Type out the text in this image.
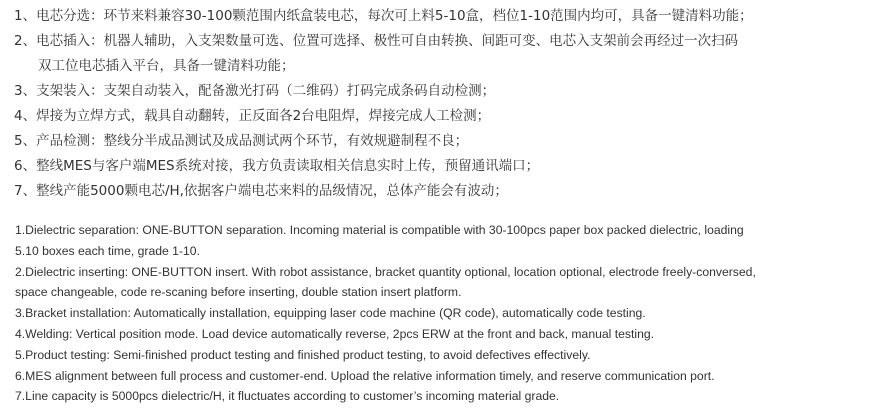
1、电芯分选：环节来料兼容30-100颗范围内纸盒装电芯，每次可上料5-10盒，档位1-10范围内均可，具备一键清料功能；
2、电芯插入：机器人辅助，入支架数量可选、位置可选择、极性可自由转换、间距可变、电芯入支架前会再经过一次扫码
双工位电芯插入平台，具备一键清料功能；
3、支架装入：支架自动装入，配备激光打码（二维码）打码完成条码自动检测；
4、焊接为立焊方式，载具自动翻转，正反面各2台电阻焊，焊接完成人工检测；
5、产品检测：整线分半成品测试及成品测试两个环节，有效规避制程不良；
6、整线MES与客户端MES系统对接，我方负责读取相关信息实时上传，预留通讯端口；
7、整线产能5000颗电芯/H,依据客户端电芯来料的品级情况，总体产能会有波动；
1.Dielectric separation: ONE-BUTTON separation. Incoming material is compatible with 30-100pcs paper box packed dielectric, loading
5.10 boxes each time, grade 1-10.
2.Dielectric inserting: ONE-BUTTON insert. With robot assistance, bracket quantity optional, location optional, electrode freely-conversed,
space changeable, code re-scaning before inserting, double station insert platform.
3.Bracket installation: Automatically installation, equipping laser code machine (QR code), automatically code testing.
4.Welding: Vertical position mode. Load device automatically reverse, 2pcs ERW at the front and back, manual testing.
5.Product testing: Semi-finished product testing and finished product testing, to avoid defectives effectively.
6.MES alignment between full process and customer-end. Upload the relative information timely, and reserve communication port.
7.Line capacity is 5000pcs dielectric/H, it fluctuates according to customer’s incoming material grade.
